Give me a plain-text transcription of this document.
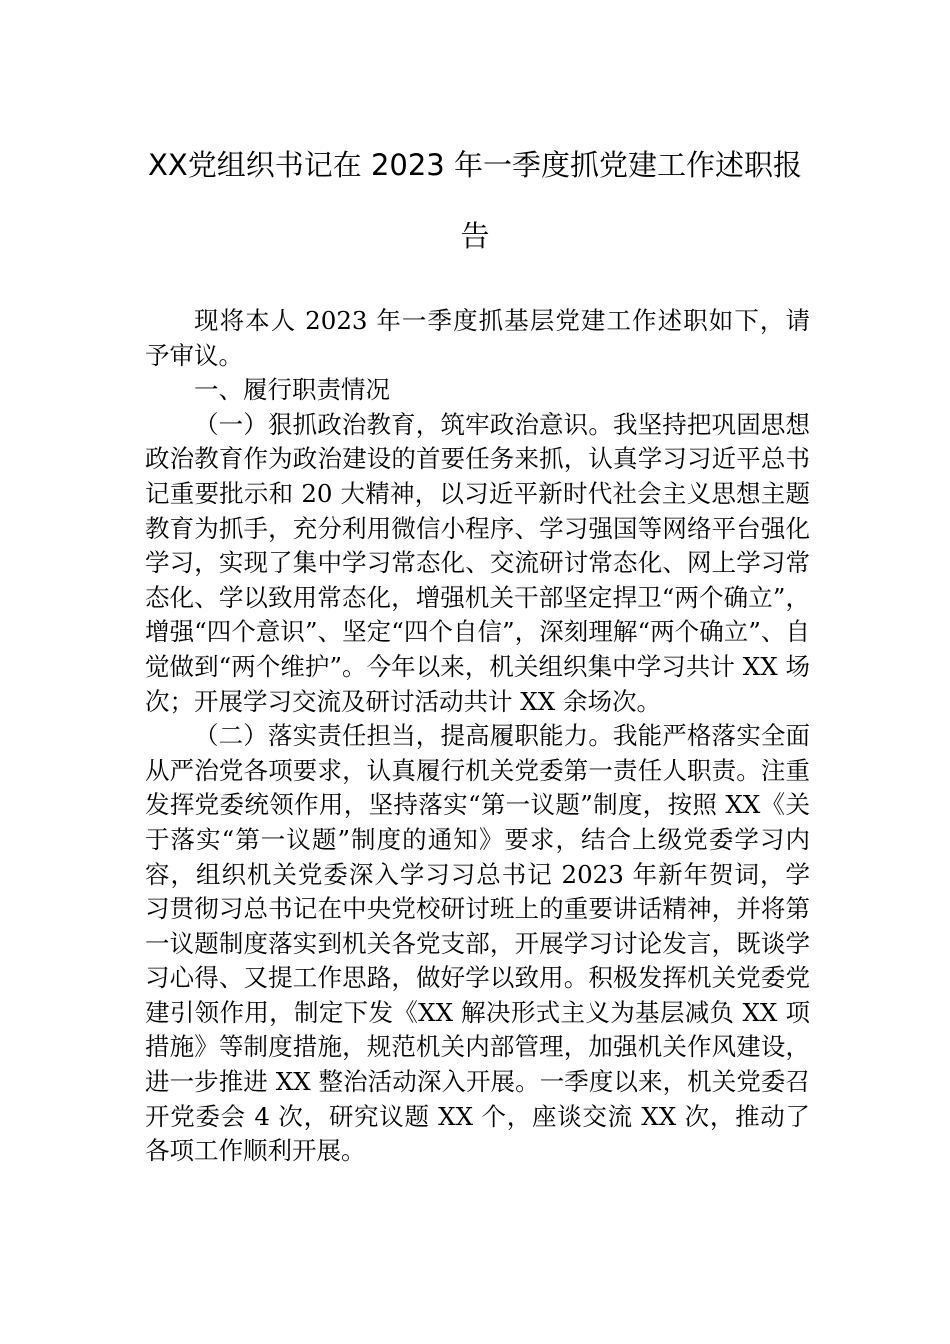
XX党组织书记在 2023 年一季度抓党建工作述职报
告

现将本人 2023 年一季度抓基层党建工作述职如下，请予审议。

一、履行职责情况

（一）狠抓政治教育，筑牢政治意识。我坚持把巩固思想政治教育作为政治建设的首要任务来抓，认真学习习近平总书记重要批示和 20 大精神，以习近平新时代社会主义思想主题教育为抓手，充分利用微信小程序、学习强国等网络平台强化学习，实现了集中学习常态化、交流研讨常态化、网上学习常态化、学以致用常态化，增强机关干部坚定捍卫“两个确立”，增强“四个意识”、坚定“四个自信”，深刻理解“两个确立”、自觉做到“两个维护”。今年以来，机关组织集中学习共计 XX 场次；开展学习交流及研讨活动共计 XX 余场次。

（二）落实责任担当，提高履职能力。我能严格落实全面从严治党各项要求，认真履行机关党委第一责任人职责。注重发挥党委统领作用，坚持落实“第一议题”制度，按照 XX《关于落实“第一议题”制度的通知》要求，结合上级党委学习内容，组织机关党委深入学习习总书记 2023 年新年贺词，学习贯彻习总书记在中央党校研讨班上的重要讲话精神，并将第一议题制度落实到机关各党支部，开展学习讨论发言，既谈学习心得、又提工作思路，做好学以致用。积极发挥机关党委党建引领作用，制定下发《XX 解决形式主义为基层减负 XX 项措施》等制度措施，规范机关内部管理，加强机关作风建设，进一步推进 XX 整治活动深入开展。一季度以来，机关党委召开党委会 4 次，研究议题 XX 个，座谈交流 XX 次，推动了各项工作顺利开展。
